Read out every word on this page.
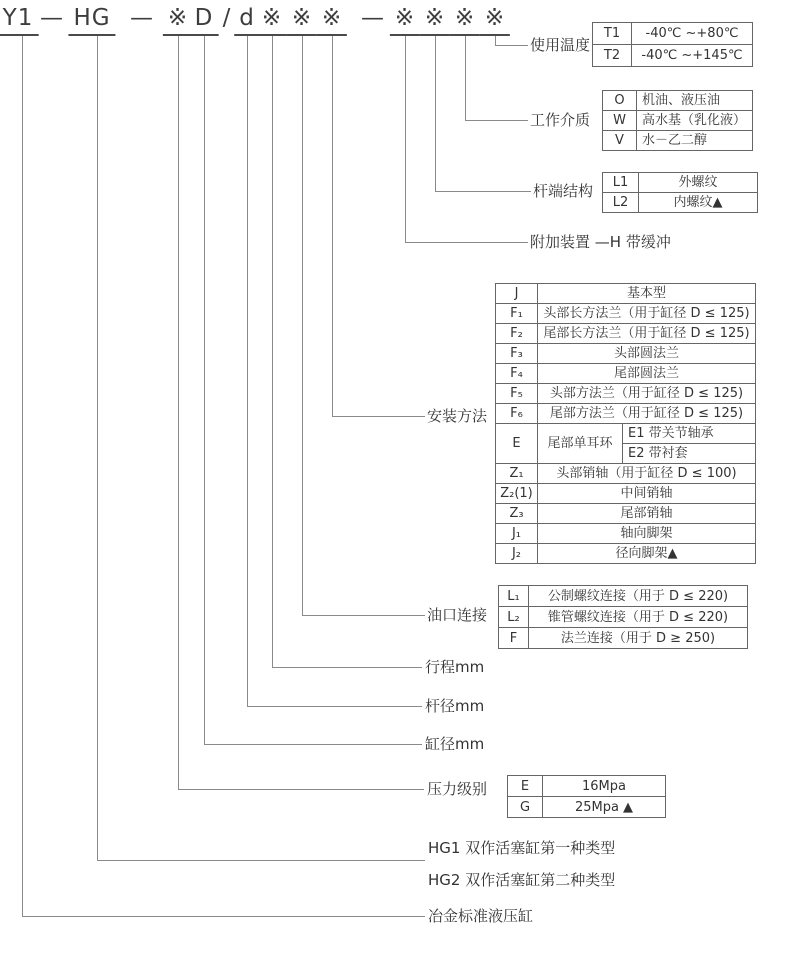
Y1 — HG — ※ D / d ※ ※ ※ — ※ ※ ※ ※
使用温度
工作介质
杆端结构
附加装置 —H 带缓冲
安装方法
油口连接
行程mm
杆径mm
缸径mm
压力级别
HG1 双作活塞缸第一种类型
HG2 双作活塞缸第二种类型
冶金标准液压缸
T1	-40℃ ~+80℃
T2	-40℃ ~+145℃
O	机油、液压油
W	高水基（乳化液）
V	水－乙二醇
L1	外螺纹
L2	内螺纹▲
J	基本型	
F₁	头部长方法兰（用于缸径 D ≤ 125)	
F₂	尾部长方法兰（用于缸径 D ≤ 125)	
F₃	头部圆法兰	
F₄	尾部圆法兰	
F₅	头部方法兰（用于缸径 D ≤ 125)	
F₆	尾部方法兰（用于缸径 D ≤ 125)	
E	尾部单耳环	E1 带关节轴承
		E2 带衬套
Z₁	头部销轴（用于缸径 D ≤ 100)	
Z₂(1)	中间销轴	
Z₃	尾部销轴	
J₁	轴向脚架	
J₂	径向脚架▲	
L₁	公制螺纹连接（用于 D ≤ 220)
L₂	锥管螺纹连接（用于 D ≤ 220)
F	法兰连接（用于 D ≥ 250)
E	16Mpa
G	25Mpa ▲
